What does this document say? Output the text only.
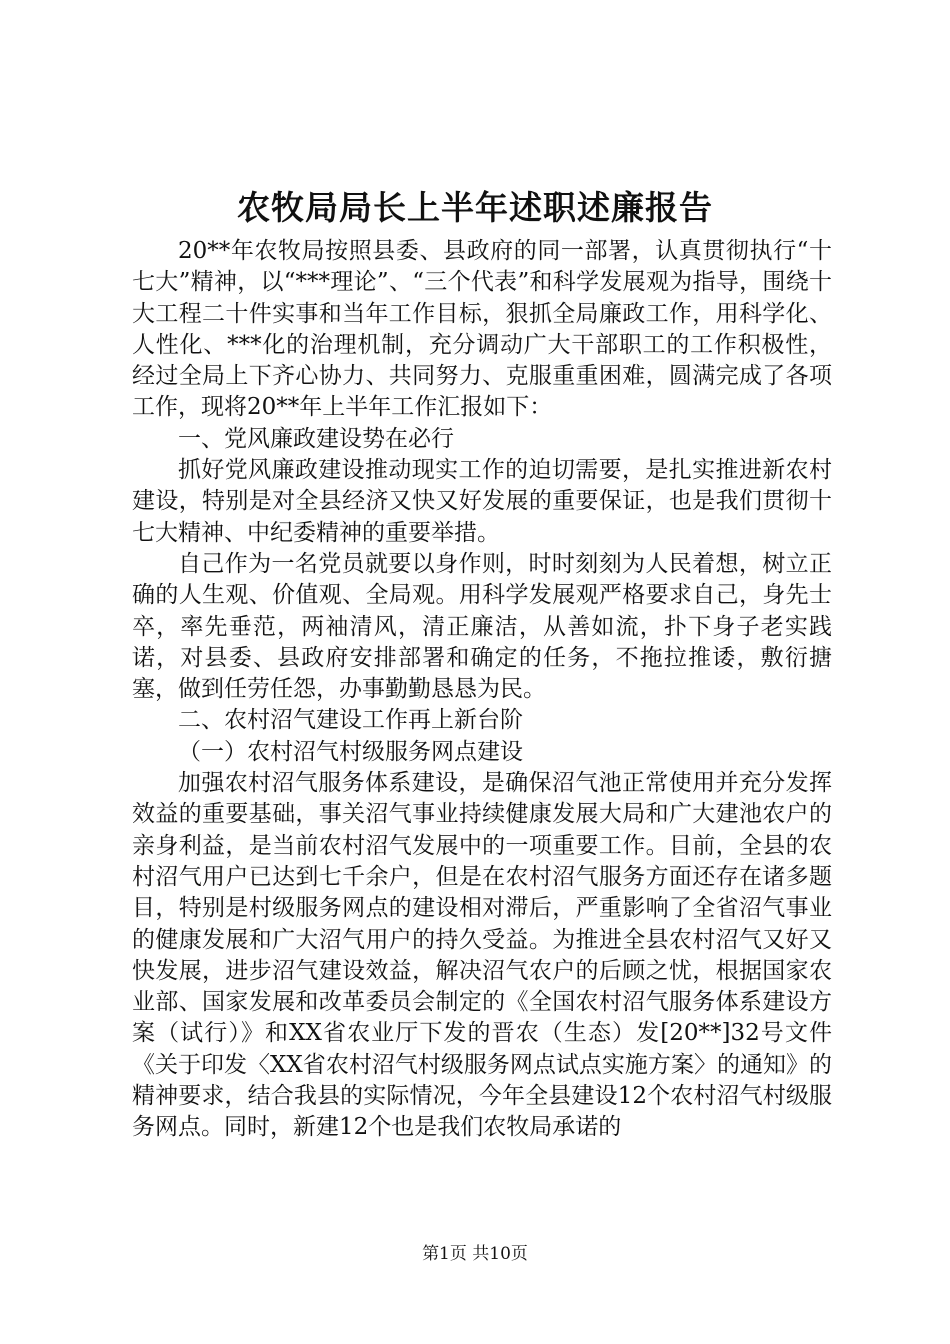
农牧局局长上半年述职述廉报告

20**年农牧局按照县委、县政府的同一部署，认真贯彻执行“十七大”精神，以“***理论”、“三个代表”和科学发展观为指导，围绕十大工程二十件实事和当年工作目标，狠抓全局廉政工作，用科学化、人性化、***化的治理机制，充分调动广大干部职工的工作积极性，经过全局上下齐心协力、共同努力、克服重重困难，圆满完成了各项工作，现将20**年上半年工作汇报如下：

一、党风廉政建设势在必行

抓好党风廉政建设推动现实工作的迫切需要，是扎实推进新农村建设，特别是对全县经济又快又好发展的重要保证，也是我们贯彻十七大精神、中纪委精神的重要举措。

自己作为一名党员就要以身作则，时时刻刻为人民着想，树立正确的人生观、价值观、全局观。用科学发展观严格要求自己，身先士卒，率先垂范，两袖清风，清正廉洁，从善如流，扑下身子老实践诺，对县委、县政府安排部署和确定的任务，不拖拉推诿，敷衍搪塞，做到任劳任怨，办事勤勤恳恳为民。

二、农村沼气建设工作再上新台阶

（一）农村沼气村级服务网点建设

加强农村沼气服务体系建设，是确保沼气池正常使用并充分发挥效益的重要基础，事关沼气事业持续健康发展大局和广大建池农户的亲身利益，是当前农村沼气发展中的一项重要工作。目前，全县的农村沼气用户已达到七千余户，但是在农村沼气服务方面还存在诸多题目，特别是村级服务网点的建设相对滞后，严重影响了全省沼气事业的健康发展和广大沼气用户的持久受益。为推进全县农村沼气又好又快发展，进步沼气建设效益，解决沼气农户的后顾之忧，根据国家农业部、国家发展和改革委员会制定的《全国农村沼气服务体系建设方案（试行）》和XX省农业厅下发的晋农（生态）发[20**]32号文件《关于印发〈XX省农村沼气村级服务网点试点实施方案〉的通知》的精神要求，结合我县的实际情况，今年全县建设12个农村沼气村级服务网点。同时，新建12个也是我们农牧局承诺的

第1页 共10页
